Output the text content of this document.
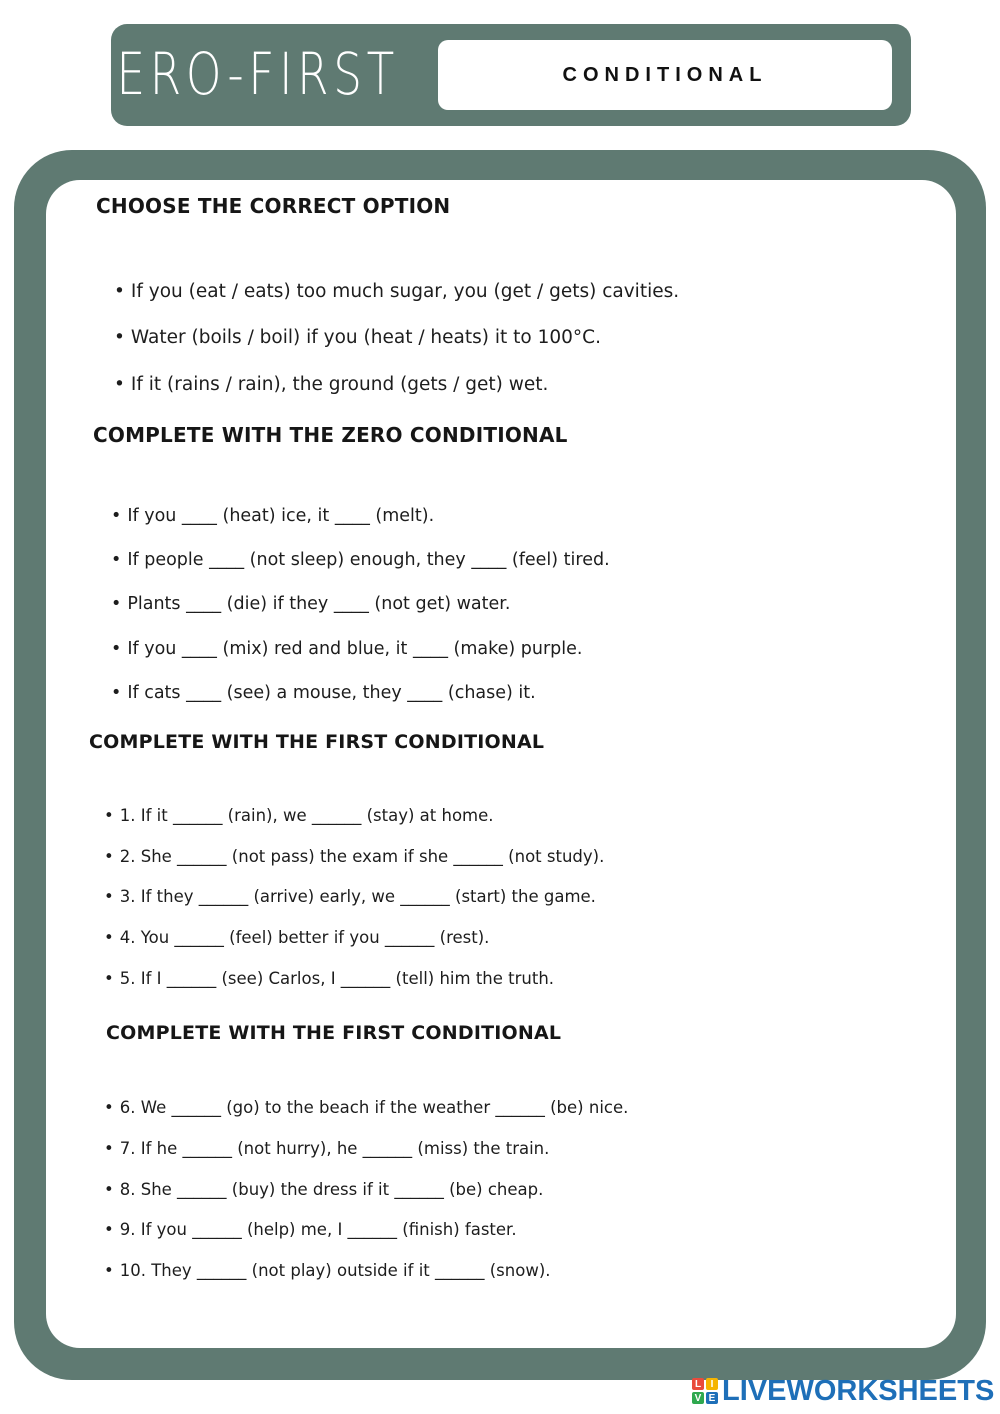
ZERO-FIRST	CONDITIONAL
CHOOSE THE CORRECT OPTION
• If you (eat / eats) too much sugar, you (get / gets) cavities.
• Water (boils / boil) if you (heat / heats) it to 100°C.
• If it (rains / rain), the ground (gets / get) wet.
COMPLETE WITH THE ZERO CONDITIONAL
• If you ____ (heat) ice, it ____ (melt).
• If people ____ (not sleep) enough, they ____ (feel) tired.
• Plants ____ (die) if they ____ (not get) water.
• If you ____ (mix) red and blue, it ____ (make) purple.
• If cats ____ (see) a mouse, they ____ (chase) it.
COMPLETE WITH THE FIRST CONDITIONAL
• 1. If it ______ (rain), we ______ (stay) at home.
• 2. She ______ (not pass) the exam if she ______ (not study).
• 3. If they ______ (arrive) early, we ______ (start) the game.
• 4. You ______ (feel) better if you ______ (rest).
• 5. If I ______ (see) Carlos, I ______ (tell) him the truth.
COMPLETE WITH THE FIRST CONDITIONAL
• 6. We ______ (go) to the beach if the weather ______ (be) nice.
• 7. If he ______ (not hurry), he ______ (miss) the train.
• 8. She ______ (buy) the dress if it ______ (be) cheap.
• 9. If you ______ (help) me, I ______ (finish) faster.
• 10. They ______ (not play) outside if it ______ (snow).
L I
V E LIVEWORKSHEETS
